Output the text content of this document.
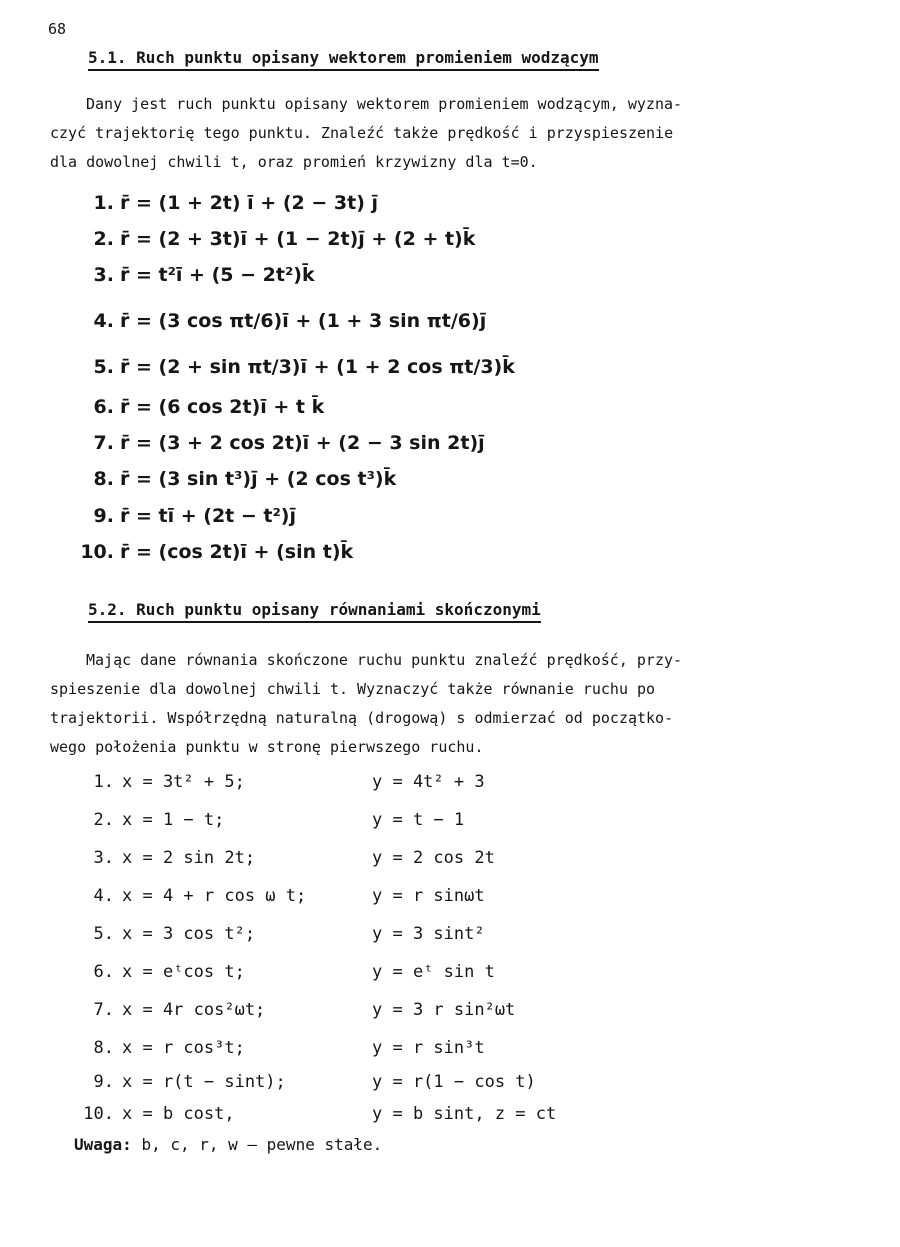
68
5.1. Ruch punktu opisany wektorem promieniem wodzącym

Dany jest ruch punktu opisany wektorem promieniem wodzącym, wyzna-

czyć trajektorię tego punktu. Znaleźć także prędkość i przyspieszenie

dla dowolnej chwili t, oraz promień krzywizny dla t=0.

1. r̄ = (1 + 2t) ī + (2 − 3t) j̄
2. r̄ = (2 + 3t)ī + (1 − 2t)j̄ + (2 + t)k̄
3. r̄ = t²ī + (5 − 2t²)k̄
4. r̄ = (3 cos πt/6)ī + (1 + 3 sin πt/6)j̄
5. r̄ = (2 + sin πt/3)ī + (1 + 2 cos πt/3)k̄
6. r̄ = (6 cos 2t)ī + t k̄
7. r̄ = (3 + 2 cos 2t)ī + (2 − 3 sin 2t)j̄
8. r̄ = (3 sin t³)j̄ + (2 cos t³)k̄
9. r̄ = tī + (2t − t²)j̄
10. r̄ = (cos 2t)ī + (sin t)k̄
5.2. Ruch punktu opisany równaniami skończonymi

Mając dane równania skończone ruchu punktu znaleźć prędkość, przy-

spieszenie dla dowolnej chwili t. Wyznaczyć także równanie ruchu po

trajektorii. Współrzędną naturalną (drogową) s odmierzać od początko-

wego położenia punktu w stronę pierwszego ruchu.

1. x = 3t² + 5;	y = 4t² + 3
2. x = 1 − t;	y = t − 1
3. x = 2 sin 2t;	y = 2 cos 2t
4. x = 4 + r cos ω t;	y = r sinωt
5. x = 3 cos t²;	y = 3 sint²
6. x = eᵗcos t;	y = eᵗ sin t
7. x = 4r cos²ωt;	y = 3 r sin²ωt
8. x = r cos³t;	y = r sin³t
9. x = r(t − sint);	y = r(1 − cos t)
10. x = b cost,	y = b sint, z = ct
Uwaga: b, c, r, w – pewne stałe.
